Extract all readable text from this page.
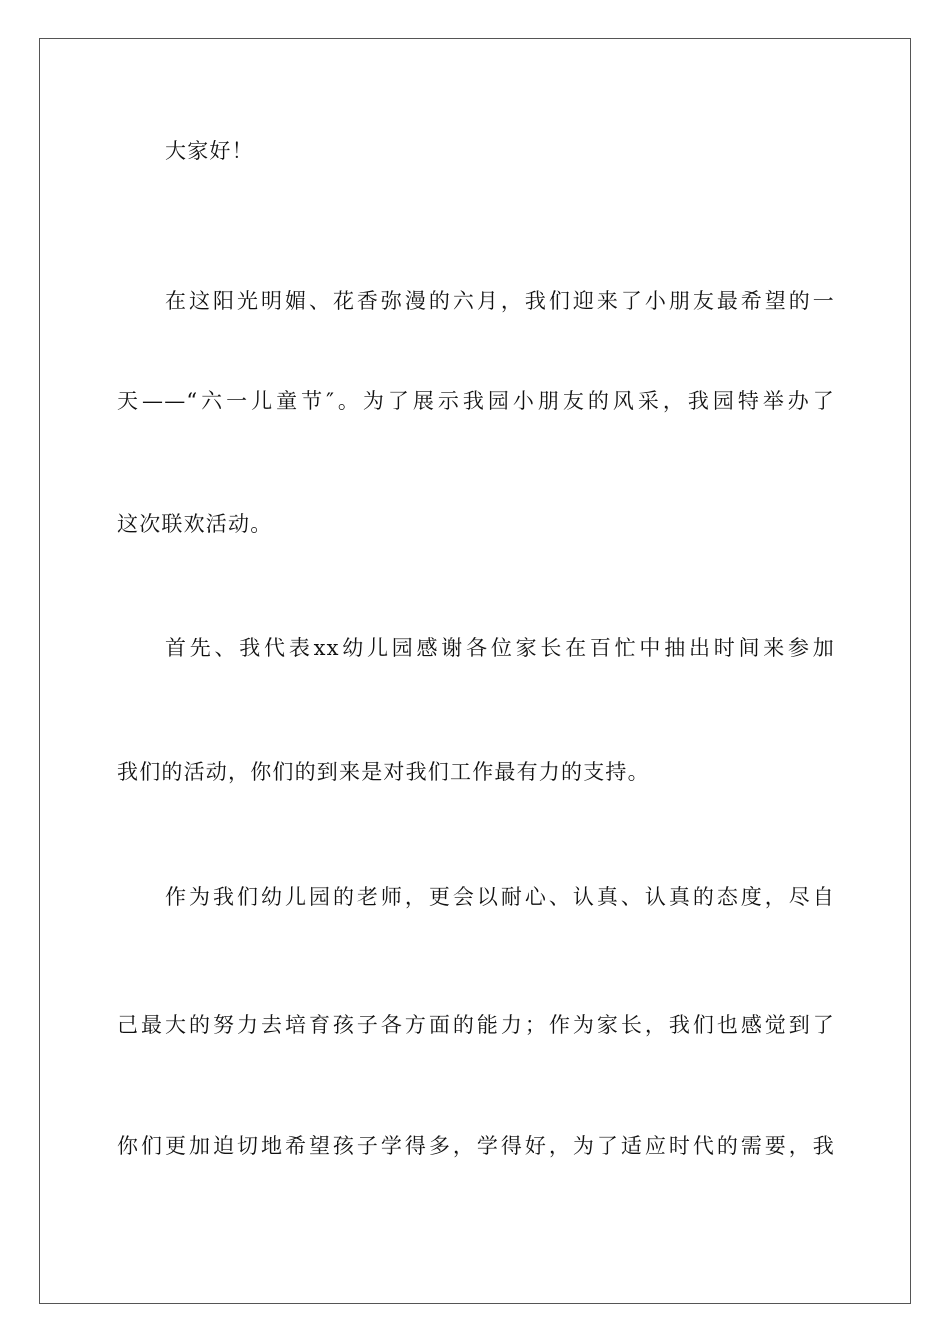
大家好！
在这阳光明媚、花香弥漫的六月，我们迎来了小朋友最希望的一
天——“六一儿童节″。为了展示我园小朋友的风采，我园特举办了
这次联欢活动。
首先、我代表xx幼儿园感谢各位家长在百忙中抽出时间来参加
我们的活动，你们的到来是对我们工作最有力的支持。
作为我们幼儿园的老师，更会以耐心、认真、认真的态度，尽自
己最大的努力去培育孩子各方面的能力；作为家长，我们也感觉到了
你们更加迫切地希望孩子学得多，学得好，为了适应时代的需要，我
